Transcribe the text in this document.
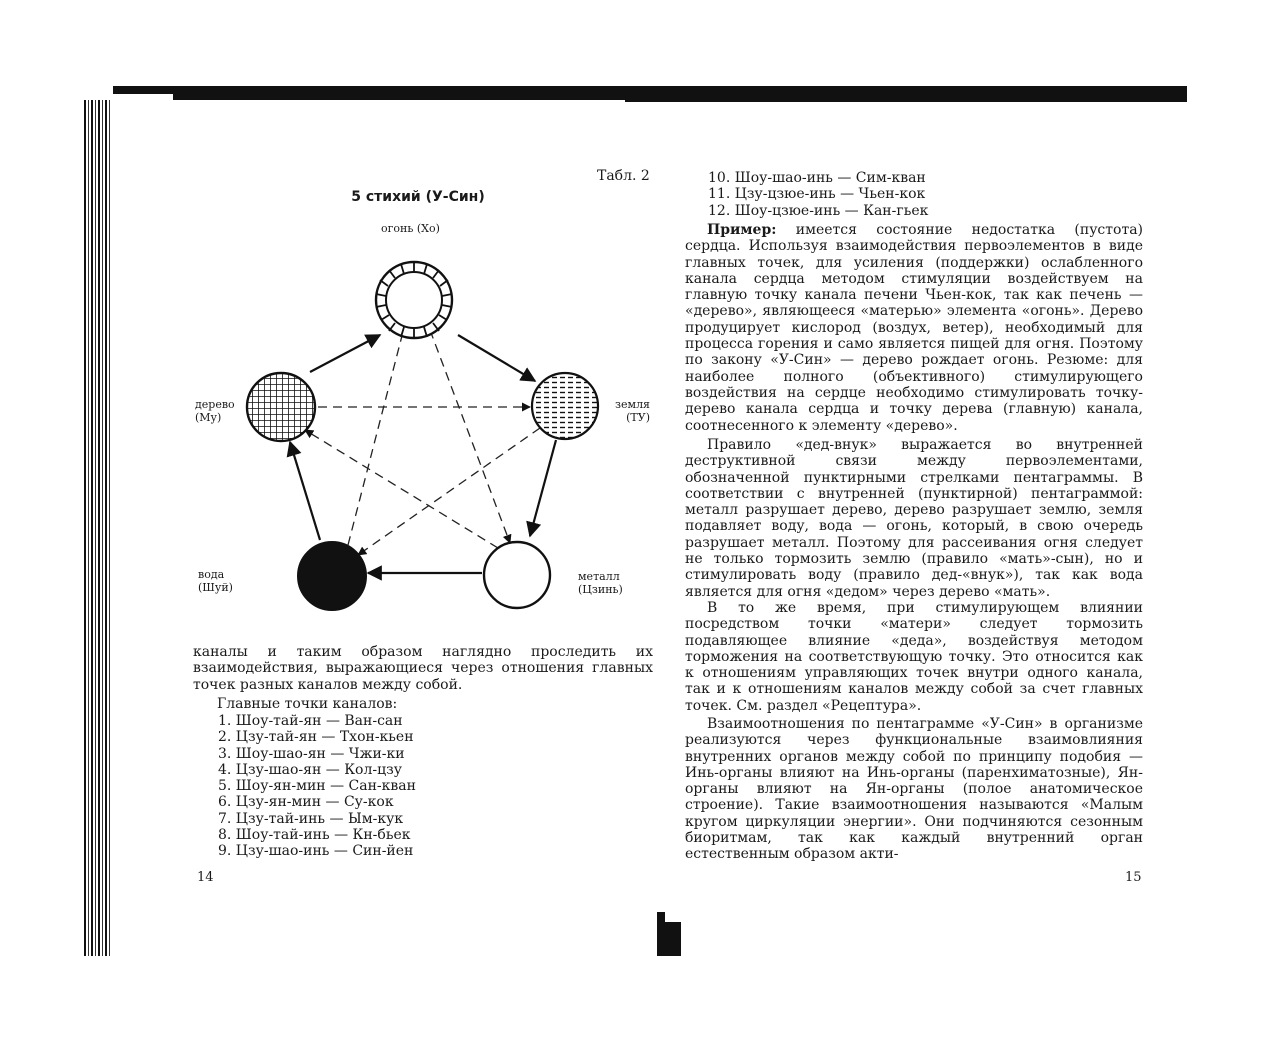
Табл. 2
5 стихий (У-Син)
огонь (Хо)
дерево
(Му)
земля
(ТУ)
вода
(Шуй)
металл
(Цзинь)
каналы и таким образом наглядно проследить их взаимодействия, выражающиеся через отношения главных точек разных каналов между собой.
Главные точки каналов:
1. Шоу-тай-ян — Ван-сан
2. Цзу-тай-ян — Тхон-кьен
3. Шоу-шао-ян — Чжи-ки
4. Цзу-шао-ян — Кол-цзу
5. Шоу-ян-мин — Сан-кван
6. Цзу-ян-мин — Су-кок
7. Цзу-тай-инь — Ым-кук
8. Шоу-тай-инь — Кн-бьек
9. Цзу-шао-инь — Син-йен
14
10. Шоу-шао-инь — Сим-кван
11. Цзу-цзюе-инь — Чьен-кок
12. Шоу-цзюе-инь — Кан-гьек
Пример: имеется состояние недостатка (пустота) сердца. Используя взаимодействия первоэлементов в виде главных точек, для усиления (поддержки) ослабленного канала сердца методом стимуляции воздействуем на главную точку канала печени Чьен-кок, так как печень — «дерево», являющееся «матерью» элемента «огонь». Дерево продуцирует кислород (воздух, ветер), необходимый для процесса горения и само является пищей для огня. Поэтому по закону «У-Син» — дерево рождает огонь. Резюме: для наиболее полного (объективного) стимулирующего воздействия на сердце необходимо стимулировать точку-дерево канала сердца и точку дерева (главную) канала, соотнесенного к элементу «дерево».
Правило «дед-внук» выражается во внутренней деструктивной связи между первоэлементами, обозначенной пунктирными стрелками пентаграммы. В соответствии с внутренней (пунктирной) пентаграммой: металл разрушает дерево, дерево разрушает землю, земля подавляет воду, вода — огонь, который, в свою очередь разрушает металл. Поэтому для рассеивания огня следует не только тормозить землю (правило «мать»-сын), но и стимулировать воду (правило дед-«внук»), так как вода является для огня «дедом» через дерево «мать».
В то же время, при стимулирующем влиянии посредством точки «матери» следует тормозить подавляющее влияние «деда», воздействуя методом торможения на соответствующую точку. Это относится как к отношениям управляющих точек внутри одного канала, так и к отношениям каналов между собой за счет главных точек. См. раздел «Рецептура».
Взаимоотношения по пентаграмме «У-Син» в организме реализуются через функциональные взаимовлияния внутренних органов между собой по принципу подобия — Инь-органы влияют на Инь-органы (паренхиматозные), Ян-органы влияют на Ян-органы (полое анатомическое строение). Такие взаимоотношения называются «Малым кругом циркуляции энергии». Они подчиняются сезонным биоритмам, так как каждый внутренний орган естественным образом акти-
15
